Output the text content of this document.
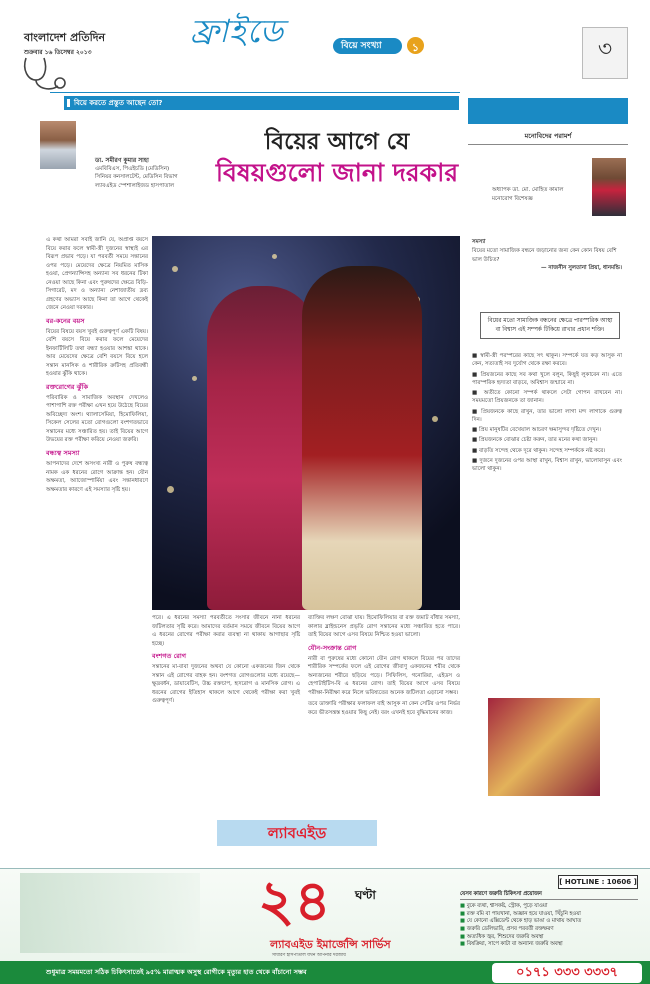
বাংলাদেশ প্রতিদিন
শুক্রবার ১৬ ডিসেম্বর ২০১৩
ফ্রাইডে	বিয়ে সংখ্যা	১	৩
বিয়ে করতে প্রস্তুত আছেন তো?
ডা. সমীরণ কুমার সাহা
এমবিবিএস, পিএইচডি (মেডিসিন)
সিনিয়র কনসালটেন্ট, মেডিসিন বিভাগ
ল্যাবএইড স্পেশালাইজড হাসপাতাল
বিয়ের আগে যে
বিষয়গুলো জানা দরকার

এ কথা আমরা সবাই জানি যে, অপ্রাপ্ত বয়সে বিয়ে করার ফলে স্বামী-স্ত্রী দুজনের স্বাস্থ্যই এর বিরূপ প্রভাব পড়ে। যা পরবর্তী সময়ে সন্তানের ওপর পড়ে। মেয়েদের ক্ষেত্রে নিয়মিত মাসিক হওয়া, প্রেগন্যান্সিসহ অন্যান্য সব ধরনের টিকা নেওয়া আছে কিনা এবং পুরুষদের ক্ষেত্রে বিড়ি-সিগারেট, মদ ও অন্যান্য নেশাজাতীয় দ্রব্য গ্রহণের অভ্যাস আছে কিনা তা আগে থেকেই জেনে নেওয়া দরকার।

বর-কনের বয়স

বিয়ের বিষয়ে বয়স খুবই গুরুত্বপূর্ণ একটি বিষয়। বেশি বয়সে বিয়ে করার ফলে মেয়েদের ইনফার্টিলিটি তথা বন্ধ্যা হওয়ার আশঙ্কা থাকে। আর মেয়েদের ক্ষেত্রে বেশি বয়সে বিয়ে হলে সন্তান মানসিক ও শারীরিক ক্রটিসহ প্রতিবন্ধী হওয়ার ঝুঁকি থাকে।

রক্তরোগের ঝুঁকি

পরিবারিক ও সামাজিক অবস্থান দেখলেও পাশাপাশি রক্ত পরীক্ষা এখন হয়ে উঠেছে বিয়ের অবিচ্ছেদ্য অংশ। থ্যালাসেমিয়া, হিমোফিলিয়া, সিকেল সেলের মতো রোগগুলো বংশগতভাবে সন্তানের মধ্যে সঞ্চারিত হয়। তাই বিয়ের আগে উভয়ের রক্ত পরীক্ষা করিয়ে নেওয়া জরুরি।

বন্ধ্যত্ব সমস্যা

আপনাদের দেশে অসংখ্য নারী ও পুরুষ বন্ধ্যত্ব নামক এক ধরনের রোগে আক্রান্ত হন। যৌন অক্ষমতা, অ্যাজোস্পার্মিয়া এবং সন্তানধারণে অক্ষমতার কারণে এই সমস্যার সৃষ্টি হয়।

পরে। এ ধরনের সমস্যা পরবর্তীতে সংসার জীবনে নানা ধরনের জটিলতার সৃষ্টি করে। আমাদের বর্তমান সময়ে জীবনে বিয়ের আগে এ ধরনের রোগের পরীক্ষা করার ব্যবস্থা না থাকায় আগাছার সৃষ্টি হচ্ছে।

বংশগত রোগ

সন্তানের মা-বাবা দুজনের অথবা যে কোনো একজনের জিন থেকে সন্তান এই রোগের বাহক হন। বংশগত রোগগুলোর মধ্যে রয়েছে—ক্ষুদ্রবর্ধন, ডায়াবেটিস, উচ্চ রক্তচাপ, হৃদরোগ ও মানসিক রোগ। এ ধরনের রোগের ইতিহাস থাকলে আগে থেকেই পরীক্ষা করা খুবই গুরুত্বপূর্ণ।

ব্যাক্তির লক্ষণ বোঝা যায়। হিমোফিলিয়ার বা রক্ত জমাট বাঁধার সমস্যা, কালার ব্লাইন্ডনেস প্রভৃতি রোগ সন্তানের মধ্যে সঞ্চারিত হতে পারে। তাই বিয়ের আগে এসব বিষয়ে নিশ্চিত হওয়া ভালো।

যৌন-সংক্রান্ত রোগ

নারী বা পুরুষের মধ্যে কোনো যৌন রোগ থাকলে বিয়ের পর তাদের শারীরিক সম্পর্কের ফলে এই রোগের জীবাণু একজনের শরীর থেকে অন্যজনের শরীরে ছড়িয়ে পড়ে। সিফিলিস, গনোরিয়া, এইডস ও হেপাটাইটিস-বি এ ধরনের রোগ। তাই বিয়ের আগে এসব বিষয়ে পরীক্ষা-নিরীক্ষা করে নিলে ভবিষ্যতের অনেক জটিলতা এড়ানো সম্ভব।

তবে ডাক্তারি পরীক্ষার ফলাফল বাই আসুক না কেন সেটির ওপর নির্ভর করে ভীতসন্ত্রস্ত হওয়ার কিছু নেই। বরং এখনই হবে বুদ্ধিমানের কাজ।

ল্যাবএইড
মনোবিদের পরামর্শ
অধ্যাপক ডা. মো. মোহিত কামাল
মনোরোগ বিশেষজ্ঞ
সমস্যা
বিয়ের মতো সামাজিক বন্ধনে জড়ানোর জন্য কেন কোন বিষয় বেশি ভাল উচিত?
— নাজনীন সুলতানা প্রিয়া, ধানমন্ডি।
বিয়ের মতো সামাজিক বন্ধনের ক্ষেত্রে পারস্পরিক আস্থা বা বিশ্বাস এই সম্পর্ক টিকিয়ে রাখার প্রধান শক্তি।
■ স্বামী-স্ত্রী পরস্পরের কাছে সৎ থাকুন। সম্পর্কে যত কড় আসুক না কেন, সত্যতাই সব দুর্যোগ থেকে রক্ষা করবে।
■ প্রিয়জনের কাছে সব কথা খুলে বলুন, কিছুই লুকাবেন না। এতে পারস্পরিক হৃদ্যতা বাড়বে, অবিশ্বাস জন্মাবে না।
■ অতীতে কোনো সম্পর্ক থাকলে সেটা গোপন রাখবেন না। সময়মতো প্রিয়জনকে তা জানান।
■ প্রিয়জনকে কাছে রাখুন, তার ভালো লাগা মন্দ লাগাকে গুরুত্ব দিন।
■ প্রিয় মানুষটির বেখেয়াল আচরণ ক্ষমাসুন্দর দৃষ্টিতে দেখুন।
■ প্রিয়জনকে বোঝার চেষ্টা করুন, তার মনের কথা জানুন।
■ বাড়তি সন্দেহ থেকে দূরে থাকুন। সন্দেহ সম্পর্ককে নষ্ট করে।
■ দুজনে দুজনের ওপর আস্থা রাখুন, বিশ্বাস রাখুন, ভালোবাসুন এবং ভালো থাকুন।
২৪ ঘণ্টা
ল্যাবএইড ইমার্জেন্সি সার্ভিস
সাধারণ হাসপাতাল যখন আপনার দরজায়
[ HOTLINE : 10606 ]
যেসব কারণে জরুরি চিকিৎসা প্রয়োজন
■ বুকে ব্যথা, শ্বাসকষ্ট, স্ট্রোক, পুড়ে যাওয়া
■ রক্ত বমি বা পায়খানা, অজ্ঞান হয়ে যাওয়া, খিঁচুনি হওয়া
■ যে কোনো এক্সিডেন্ট থেকে হাড় ভাঙা ও মাথায় আঘাত
■ জরুরি ডেলিভারি, প্রসব পরবর্তী রক্তক্ষরণ
■ অত্যধিক জ্বর, শিশুদের জরুরি অবস্থা
■ বিষক্রিয়া, সাপে কাটা বা অন্যান্য জরুরি অবস্থা
শুধুমাত্র সময়মতো সঠিক চিকিৎসাতেই ৯৫% মারাত্মক অসুস্থ রোগীকে মৃত্যুর হাত থেকে বাঁচানো সম্ভব	০১৭১ ৩৩৩ ৩৩৩৭
